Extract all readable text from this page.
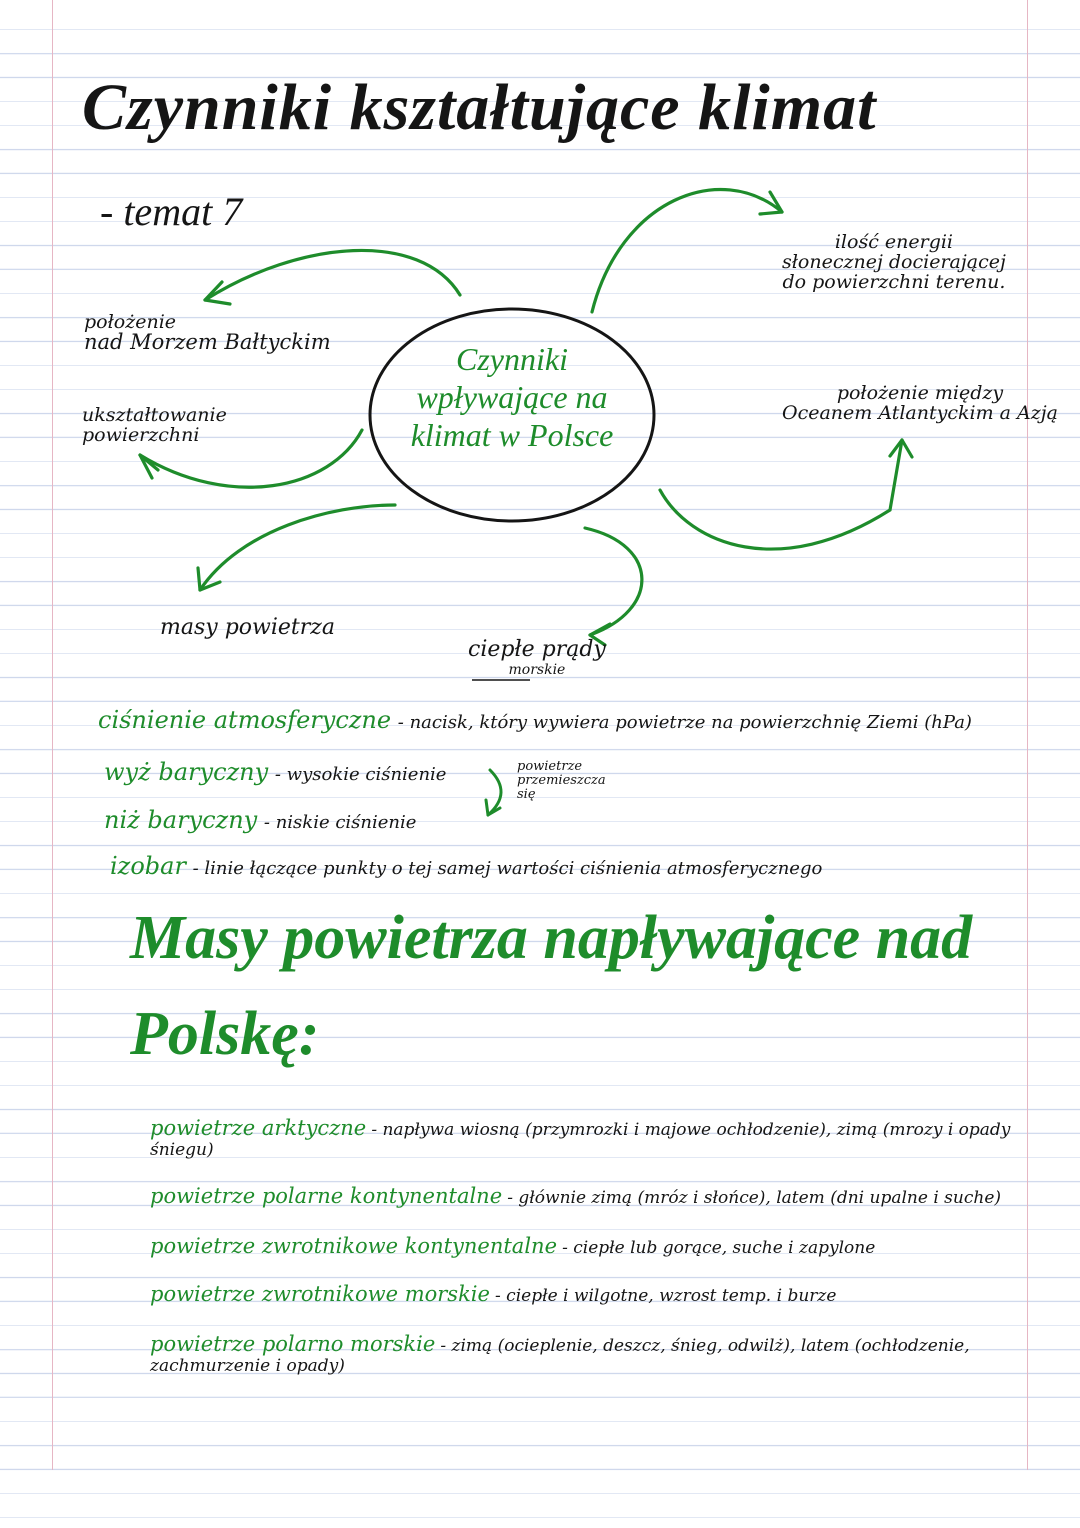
Czynniki kształtujące klimat
- temat 7
Czynniki
wpływające na
klimat w Polsce
położenie
nad Morzem Bałtyckim
ukształtowanie
powierzchni
masy powietrza
ciepłe prądy
morskie
ilość energii
słonecznej docierającej
do powierzchni terenu.
położenie między
Oceanem Atlantyckim a Azją
ciśnienie atmosferyczne - nacisk, który wywiera powietrze na powierzchnię Ziemi (hPa)
wyż baryczny - wysokie ciśnienie
niż baryczny - niskie ciśnienie
izobar - linie łączące punkty o tej samej wartości ciśnienia atmosferycznego
powietrze
przemieszcza
się
Masy powietrza napływające nad Polskę:
powietrze arktyczne - napływa wiosną (przymrozki i majowe ochłodzenie), zimą (mrozy i opady śniegu)
powietrze polarne kontynentalne - głównie zimą (mróz i słońce), latem (dni upalne i suche)
powietrze zwrotnikowe kontynentalne - ciepłe lub gorące, suche i zapylone
powietrze zwrotnikowe morskie - ciepłe i wilgotne, wzrost temp. i burze
powietrze polarno morskie - zimą (ocieplenie, deszcz, śnieg, odwilż), latem (ochłodzenie, zachmurzenie i opady)
